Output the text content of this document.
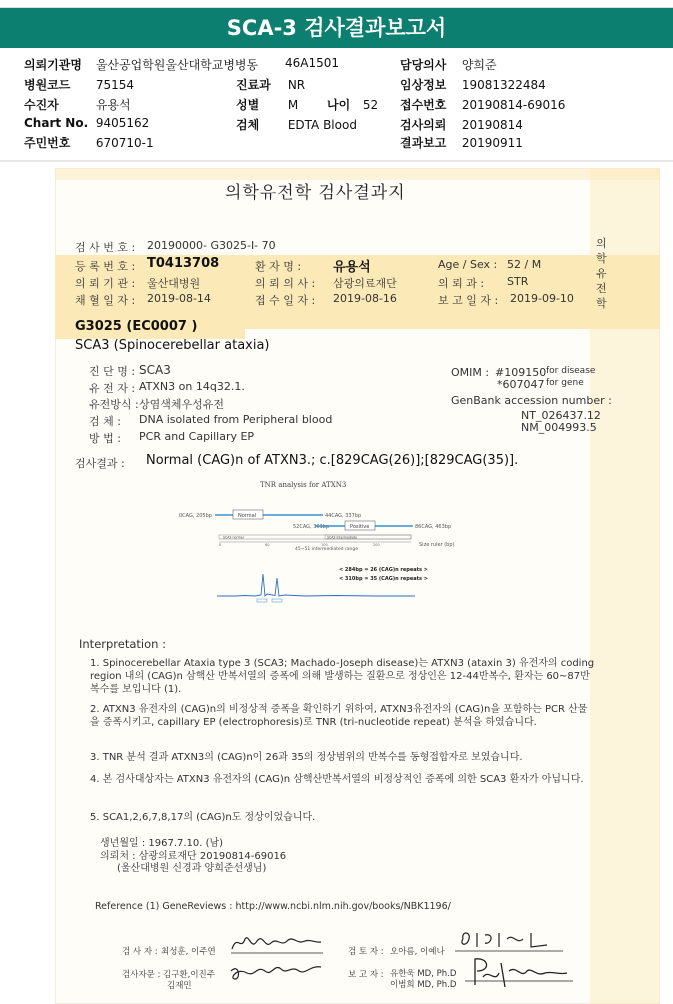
SCA-3 검사결과보고서
의뢰기관명 울산공업학원울산대학교병병동 46A1501	담당의사 양희준
병원코드 75154	진료과 NR	임상정보 19081322484
수진자	유용석	성별 M 나이 52 접수번호 20190814-69016
Chart No. 9405162	검체 EDTA Blood	검사의뢰 20190814
주민번호 670710-1	결과보고 20190911
의학유전학 검사결과지
의학유전학
검 사 번 호 : 20190000- G3025-I- 70
등 록 번 호 : T0413708	환 자 명 : 유용석	Age / Sex : 52 / M
의 뢰 기 관 : 울산대병원	의 뢰 의 사 : 삼광의료재단	의 뢰 과 : STR
채 혈 일 자 : 2019-08-14	접 수 일 자 : 2019-08-16	보 고 일 자 : 2019-09-10
G3025 (EC0007 )
SCA3 (Spinocerebellar ataxia)
진 단 명 : SCA3
유 전 자 : ATXN3 on 14q32.1.
유전방식 : 상염색체우성유전
검 체 : DNA isolated from Peripheral blood
방 법 : PCR and Capillary EP
OMIM : #109150 for disease
*607047 for gene
GenBank accession number :
NT_026437.12
NM_004993.5
검사결과 : Normal (CAG)n of ATXN3.; c.[829CAG(26)];[829CAG(35)].
TNR analysis for ATXN3
0CAG, 205bp	Normal	44CAG, 337bp
52CAG, 361bp	Positive	86CAG, 463bp
SCA3 normal	SCA3 intermediate
0	60	100	200
45~51 intermediated range
Size ruler (bp)
< 284bp = 26 (CAG)n repeats >
< 310bp = 35 (CAG)n repeats >
Interpretation :
1. Spinocerebellar Ataxia type 3 (SCA3; Machado-Joseph disease)는 ATXN3 (ataxin 3) 유전자의 coding region 내의 (CAG)n 삼핵산 반복서열의 증폭에 의해 발생하는 질환으로 정상인은 12-44반복수, 환자는 60~87반복수를 보입니다 (1).
2. ATXN3 유전자의 (CAG)n의 비정상적 증폭을 확인하기 위하여, ATXN3유전자의 (CAG)n을 포함하는 PCR 산물을 증폭시키고, capillary EP (electrophoresis)로 TNR (tri-nucleotide repeat) 분석을 하였습니다.
3. TNR 분석 결과 ATXN3의 (CAG)n이 26과 35의 정상범위의 반복수를 동형접합자로 보였습니다.
4. 본 검사대상자는 ATXN3 유전자의 (CAG)n 삼핵산반복서열의 비정상적인 증폭에 의한 SCA3 환자가 아닙니다.
5. SCA1,2,6,7,8,17의 (CAG)n도 정상이었습니다.
생년월일 : 1967.7.10. (남)
의뢰처 : 삼광의료재단 20190814-69016
(울산대병원 신경과 양희준선생님)
Reference (1) GeneReviews : http://www.ncbi.nlm.nih.gov/books/NBK1196/
검 사 자 : 최성훈, 이주연	검 토 자 : 오아름, 이예나
검사자문 : 김구환,이진주
김재민
보 고 자 : 유한욱 MD, Ph.D
이범희 MD, Ph.D
